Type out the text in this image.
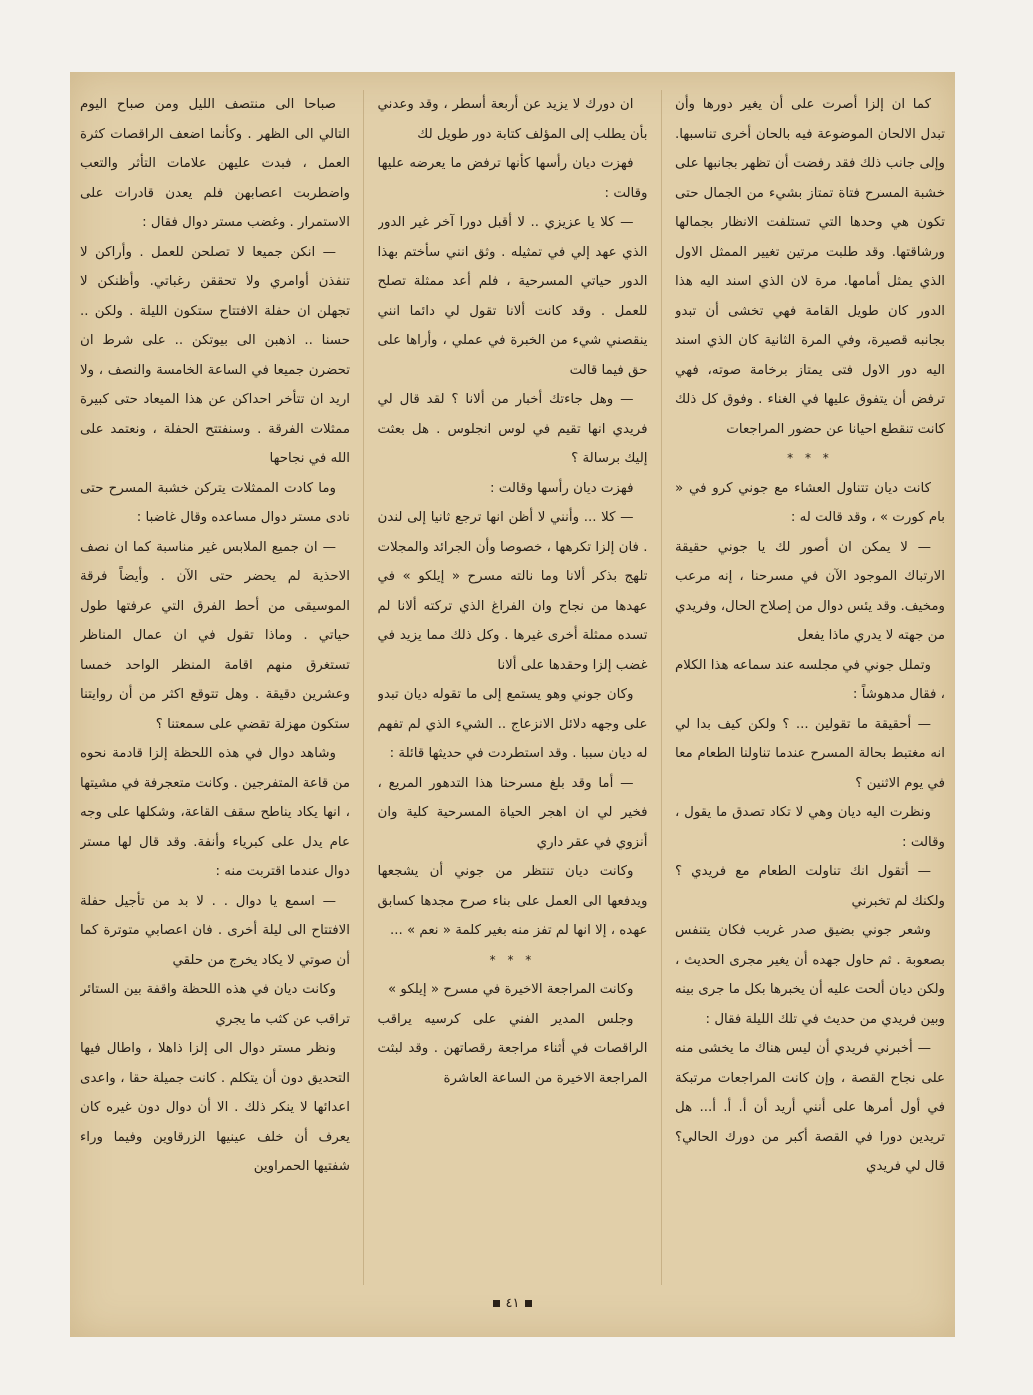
كما ان إلزا أصرت على أن يغير دورها وأن تبدل الالحان الموضوعة فيه بالحان أخرى تناسبها. وإلى جانب ذلك فقد رفضت أن تظهر بجانبها على خشبة المسرح فتاة تمتاز بشيء من الجمال حتى تكون هي وحدها التي تستلفت الانظار بجمالها ورشاقتها. وقد طلبت مرتين تغيير الممثل الاول الذي يمثل أمامها. مرة لان الذي اسند اليه هذا الدور كان طويل القامة فهي تخشى أن تبدو بجانبه قصيرة، وفي المرة الثانية كان الذي اسند اليه دور الاول فتى يمتاز برخامة صوته، فهي ترفض أن يتفوق عليها في الغناء . وفوق كل ذلك كانت تنقطع احيانا عن حضور المراجعات

* * *

كانت ديان تتناول العشاء مع جوني كرو في « بام كورت » ، وقد قالت له :

— لا يمكن ان أصور لك يا جوني حقيقة الارتباك الموجود الآن في مسرحنا ، إنه مرعب ومخيف. وقد يئس دوال من إصلاح الحال، وفريدي من جهته لا يدري ماذا يفعل

وتملل جوني في مجلسه عند سماعه هذا الكلام ، فقال مدهوشاً :

— أحقيقة ما تقولين ... ؟ ولكن كيف بدا لي انه مغتبط بحالة المسرح عندما تناولنا الطعام معا في يوم الاثنين ؟

ونظرت اليه ديان وهي لا تكاد تصدق ما يقول ، وقالت :

— أتقول انك تناولت الطعام مع فريدي ؟ ولكنك لم تخبرني

وشعر جوني بضيق صدر غريب فكان يتنفس بصعوبة . ثم حاول جهده أن يغير مجرى الحديث ، ولكن ديان ألحت عليه أن يخبرها بكل ما جرى بينه وبين فريدي من حديث في تلك الليلة فقال :

— أخبرني فريدي أن ليس هناك ما يخشى منه على نجاح القصة ، وإن كانت المراجعات مرتبكة في أول أمرها على أنني أريد أن أ. أ. أ... هل تريدين دورا في القصة أكبر من دورك الحالي؟ قال لي فريدي

ان دورك لا يزيد عن أربعة أسطر ، وقد وعدني بأن يطلب إلى المؤلف كتابة دور طويل لك

فهزت ديان رأسها كأنها ترفض ما يعرضه عليها وقالت :

— كلا يا عزيزي .. لا أقبل دورا آخر غير الدور الذي عهد إلي في تمثيله . وثق انني سأختم بهذا الدور حياتي المسرحية ، فلم أعد ممثلة تصلح للعمل . وقد كانت ألانا تقول لي دائما انني ينقصني شيء من الخبرة في عملي ، وأراها على حق فيما قالت

— وهل جاءتك أخبار من ألانا ؟ لقد قال لي فريدي انها تقيم في لوس انجلوس . هل بعثت إليك برسالة ؟

فهزت ديان رأسها وقالت :

— كلا ... وأنني لا أظن انها ترجع ثانيا إلى لندن . فان إلزا تكرهها ، خصوصا وأن الجرائد والمجلات تلهج بذكر ألانا وما نالته مسرح « إيلكو » في عهدها من نجاح وان الفراغ الذي تركته ألانا لم تسده ممثلة أخرى غيرها . وكل ذلك مما يزيد في غضب إلزا وحقدها على ألانا

وكان جوني وهو يستمع إلى ما تقوله ديان تبدو على وجهه دلائل الانزعاج .. الشيء الذي لم تفهم له ديان سببا . وقد استطردت في حديثها قائلة :

— أما وقد بلغ مسرحنا هذا التدهور المريع ، فخير لي ان اهجر الحياة المسرحية كلية وان أنزوي في عقر داري

وكانت ديان تنتظر من جوني أن يشجعها ويدفعها الى العمل على بناء صرح مجدها كسابق عهده ، إلا انها لم تفز منه بغير كلمة « نعم » ...

* * *

وكانت المراجعة الاخيرة في مسرح « إيلكو »

وجلس المدير الفني على كرسيه يراقب الراقصات في أثناء مراجعة رقصاتهن . وقد لبثت المراجعة الاخيرة من الساعة العاشرة

صباحا الى منتصف الليل ومن صباح اليوم التالي الى الظهر . وكأنما اضعف الراقصات كثرة العمل ، فبدت عليهن علامات التأثر والتعب واضطربت اعصابهن فلم يعدن قادرات على الاستمرار . وغضب مستر دوال فقال :

— انكن جميعا لا تصلحن للعمل . وأراكن لا تنفذن أوامري ولا تحققن رغباتي. وأظنكن لا تجهلن ان حفلة الافتتاح ستكون الليلة . ولكن .. حسنا .. اذهبن الى بيوتكن .. على شرط ان تحضرن جميعا في الساعة الخامسة والنصف ، ولا اريد ان تتأخر احداكن عن هذا الميعاد حتى كبيرة ممثلات الفرقة . وسنفتتح الحفلة ، ونعتمد على الله في نجاحها

وما كادت الممثلات يتركن خشبة المسرح حتى نادى مستر دوال مساعده وقال غاضبا :

— ان جميع الملابس غير مناسبة كما ان نصف الاحذية لم يحضر حتى الآن . وأيضاً فرقة الموسيقى من أحط الفرق التي عرفتها طول حياتي . وماذا تقول في ان عمال المناظر تستغرق منهم اقامة المنظر الواحد خمسا وعشرين دقيقة . وهل تتوقع اكثر من أن روايتنا ستكون مهزلة تقضي على سمعتنا ؟

وشاهد دوال في هذه اللحظة إلزا قادمة نحوه من قاعة المتفرجين . وكانت متعجرفة في مشيتها ، انها يكاد يناطح سقف القاعة، وشكلها على وجه عام يدل على كبرياء وأنفة. وقد قال لها مستر دوال عندما اقتربت منه :

— اسمع يا دوال . . لا بد من تأجيل حفلة الافتتاح الى ليلة أخرى . فان اعصابي متوترة كما أن صوتي لا يكاد يخرج من حلقي

وكانت ديان في هذه اللحظة واقفة بين الستائر تراقب عن كثب ما يجري

ونظر مستر دوال الى إلزا ذاهلا ، واطال فيها التحديق دون أن يتكلم . كانت جميلة حقا ، واعدى اعدائها لا ينكر ذلك . الا أن دوال دون غيره كان يعرف أن خلف عينيها الزرقاوين وفيما وراء شفتيها الحمراوين

٤١
